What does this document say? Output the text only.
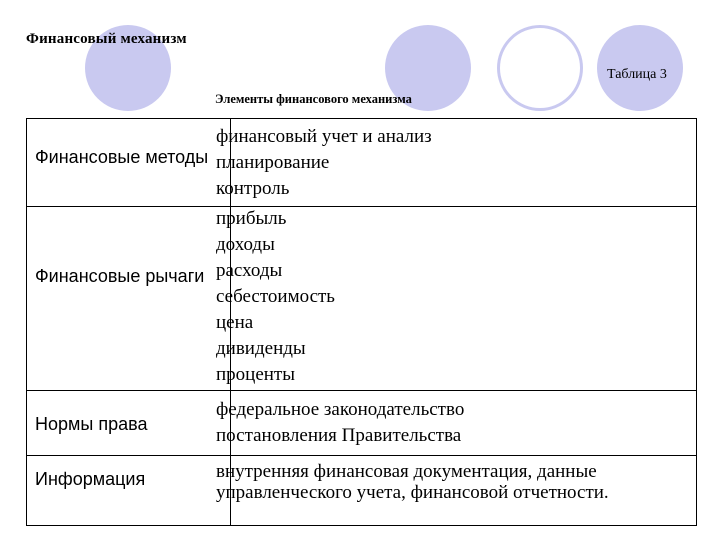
Финансовый механизм
Таблица 3
Элементы финансового механизма
Финансовые методы
финансовый учет и анализ
планирование
контроль
Финансовые рычаги
прибыль
доходы
расходы
себестоимость
цена
дивиденды
проценты
Нормы права
федеральное законодательство
постановления Правительства
Информация	внутренняя финансовая документация, данные управленческого учета, финансовой отчетности.
